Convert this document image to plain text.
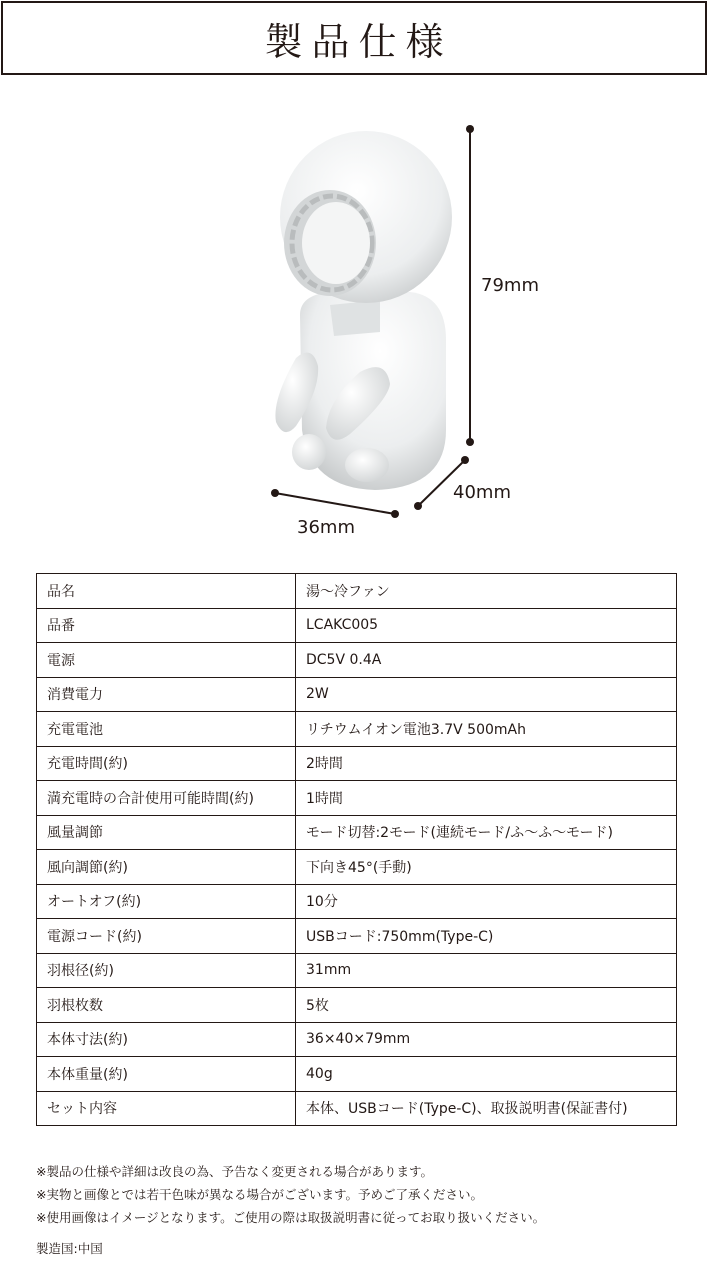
製品仕様
79mm
40mm
36mm
品名	湯〜冷ファン
品番	LCAKC005
電源	DC5V 0.4A
消費電力	2W
充電電池	リチウムイオン電池3.7V 500mAh
充電時間(約)	2時間
満充電時の合計使用可能時間(約)	1時間
風量調節	モード切替:2モード(連続モード/ふ〜ふ〜モード)
風向調節(約)	下向き45°(手動)
オートオフ(約)	10分
電源コード(約)	USBコード:750mm(Type-C)
羽根径(約)	31mm
羽根枚数	5枚
本体寸法(約)	36×40×79mm
本体重量(約)	40g
セット内容	本体、USBコード(Type-C)、取扱説明書(保証書付)
※製品の仕様や詳細は改良の為、予告なく変更される場合があります。
※実物と画像とでは若干色味が異なる場合がございます。予めご了承ください。
※使用画像はイメージとなります。ご使用の際は取扱説明書に従ってお取り扱いください。
製造国:中国
